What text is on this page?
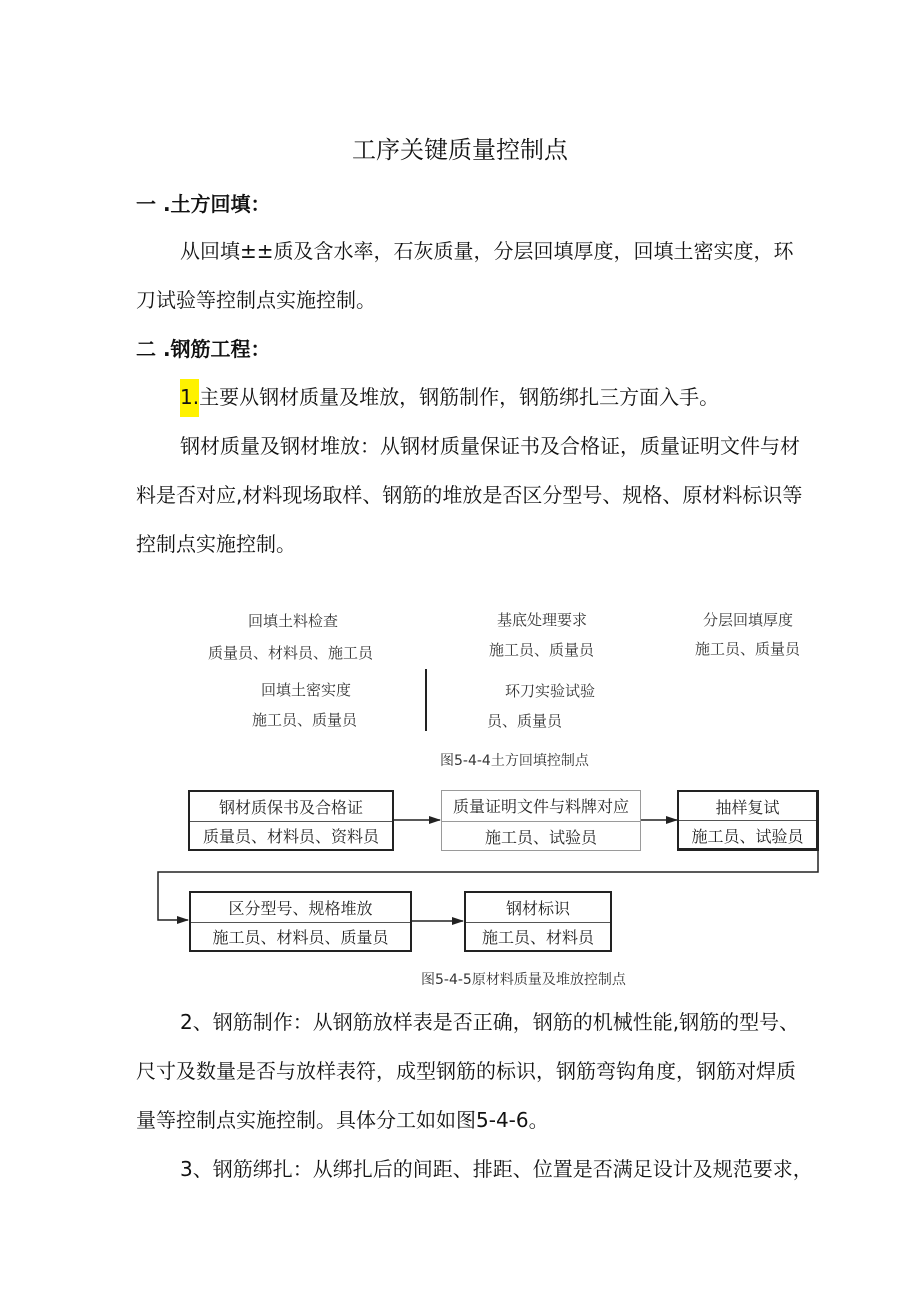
工序关键质量控制点
一 .土方回填：
从回填±±质及含水率，石灰质量，分层回填厚度，回填土密实度，环
刀试验等控制点实施控制。
二 .钢筋工程：
1.主要从钢材质量及堆放，钢筋制作，钢筋绑扎三方面入手。
钢材质量及钢材堆放：从钢材质量保证书及合格证，质量证明文件与材
料是否对应,材料现场取样、钢筋的堆放是否区分型号、规格、原材料标识等
控制点实施控制。
回填土料检查
质量员、材料员、施工员
基底处理要求
施工员、质量员
分层回填厚度
施工员、质量员
回填土密实度
施工员、质量员
环刀实验试验
员、质量员
图5-4-4土方回填控制点
钢材质保书及合格证
质量员、材料员、资料员
质量证明文件与料牌对应
施工员、试验员
抽样复试
施工员、试验员
区分型号、规格堆放
施工员、材料员、质量员
钢材标识
施工员、材料员
图5-4-5原材料质量及堆放控制点
2、钢筋制作：从钢筋放样表是否正确，钢筋的机械性能,钢筋的型号、
尺寸及数量是否与放样表符，成型钢筋的标识，钢筋弯钩角度，钢筋对焊质
量等控制点实施控制。具体分工如如图5-4-6。
3、钢筋绑扎：从绑扎后的间距、排距、位置是否满足设计及规范要求，
